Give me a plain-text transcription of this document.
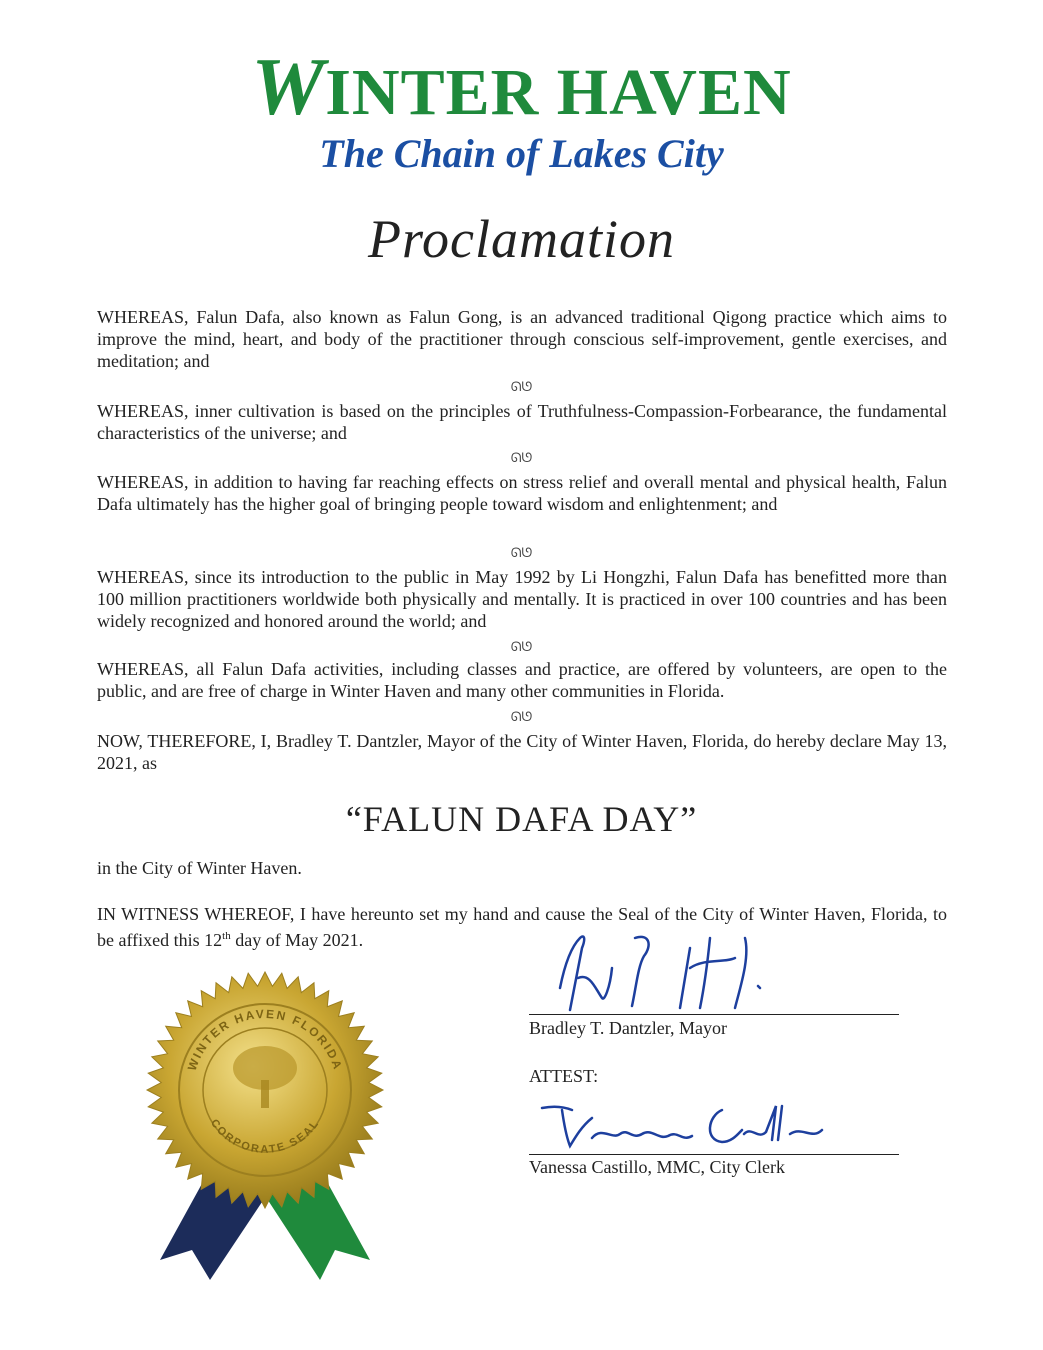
WINTER HAVEN
The Chain of Lakes City
Proclamation
WHEREAS, Falun Dafa, also known as Falun Gong, is an advanced traditional Qigong practice which aims to improve the mind, heart, and body of the practitioner through conscious self-improvement, gentle exercises, and meditation; and
ᘏᘎ
WHEREAS, inner cultivation is based on the principles of Truthfulness-Compassion-Forbearance, the fundamental characteristics of the universe; and
ᘏᘎ
WHEREAS, in addition to having far reaching effects on stress relief and overall mental and physical health, Falun Dafa ultimately has the higher goal of bringing people toward wisdom and enlightenment; and
ᘏᘎ
WHEREAS, since its introduction to the public in May 1992 by Li Hongzhi, Falun Dafa has benefitted more than 100 million practitioners worldwide both physically and mentally. It is practiced in over 100 countries and has been widely recognized and honored around the world; and
ᘏᘎ
WHEREAS, all Falun Dafa activities, including classes and practice, are offered by volunteers, are open to the public, and are free of charge in Winter Haven and many other communities in Florida.
ᘏᘎ
NOW, THEREFORE, I, Bradley T. Dantzler, Mayor of the City of Winter Haven, Florida, do hereby declare May 13, 2021, as
“FALUN DAFA DAY”
in the City of Winter Haven.
IN WITNESS WHEREOF, I have hereunto set my hand and cause the Seal of the City of Winter Haven, Florida, to be affixed this 12th day of May 2021.
Bradley T. Dantzler, Mayor
ATTEST:
Vanessa Castillo, MMC, City Clerk
WINTER HAVEN FLORIDA
CORPORATE SEAL
